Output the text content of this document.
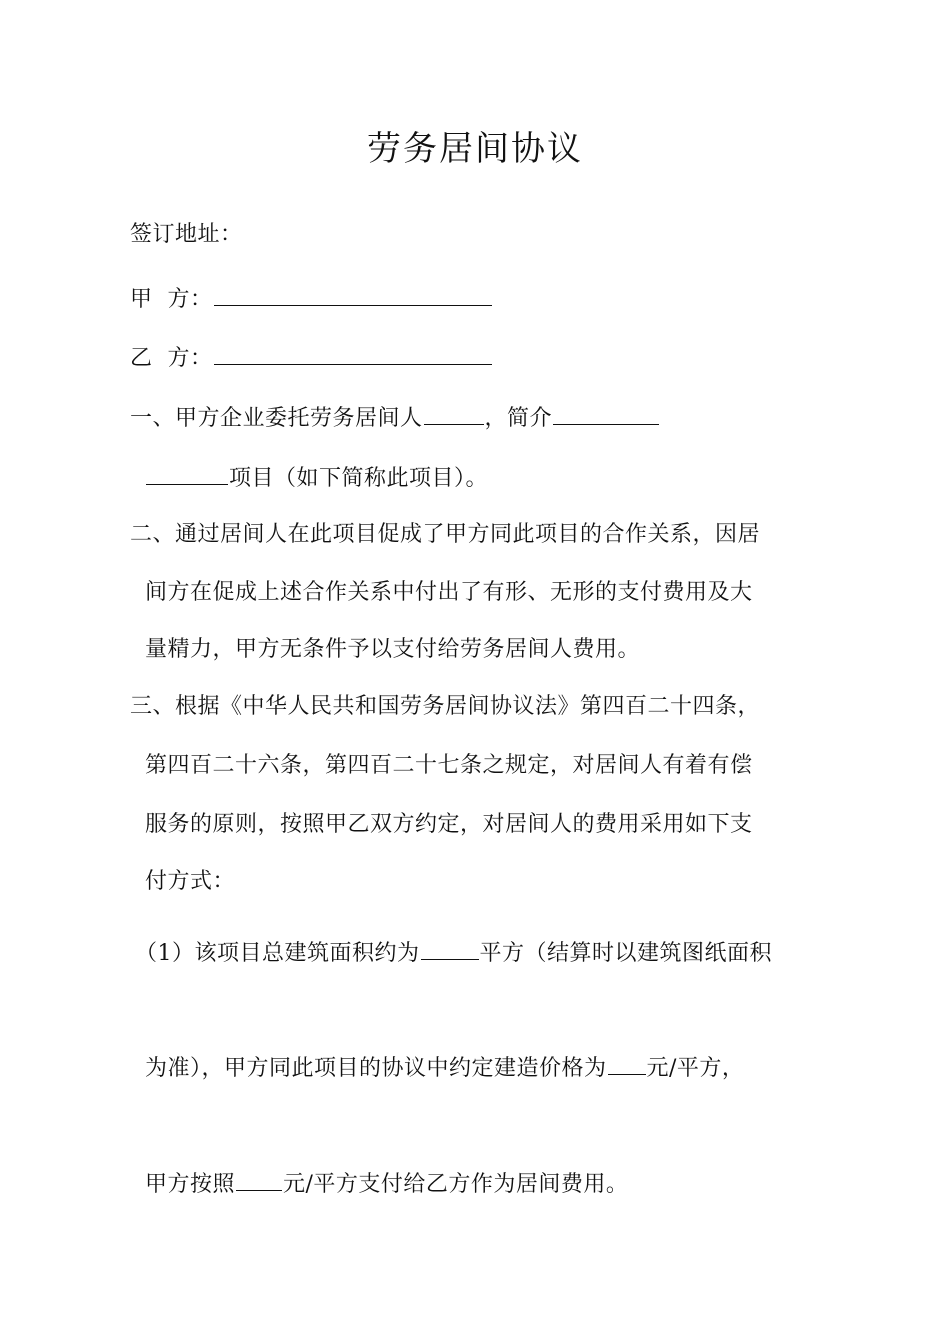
劳务居间协议
签订地址：
甲  方：
乙  方：
一、甲方企业委托劳务居间人	，简介
项目（如下简称此项目）。
二、通过居间人在此项目促成了甲方同此项目的合作关系，因居
间方在促成上述合作关系中付出了有形、无形的支付费用及大
量精力，甲方无条件予以支付给劳务居间人费用。
三、根据《中华人民共和国劳务居间协议法》第四百二十四条，
第四百二十六条，第四百二十七条之规定，对居间人有着有偿
服务的原则，按照甲乙双方约定，对居间人的费用采用如下支
付方式：
（1）该项目总建筑面积约为	平方（结算时以建筑图纸面积
为准），甲方同此项目的协议中约定建造价格为 元/平方，
甲方按照 元/平方支付给乙方作为居间费用。
